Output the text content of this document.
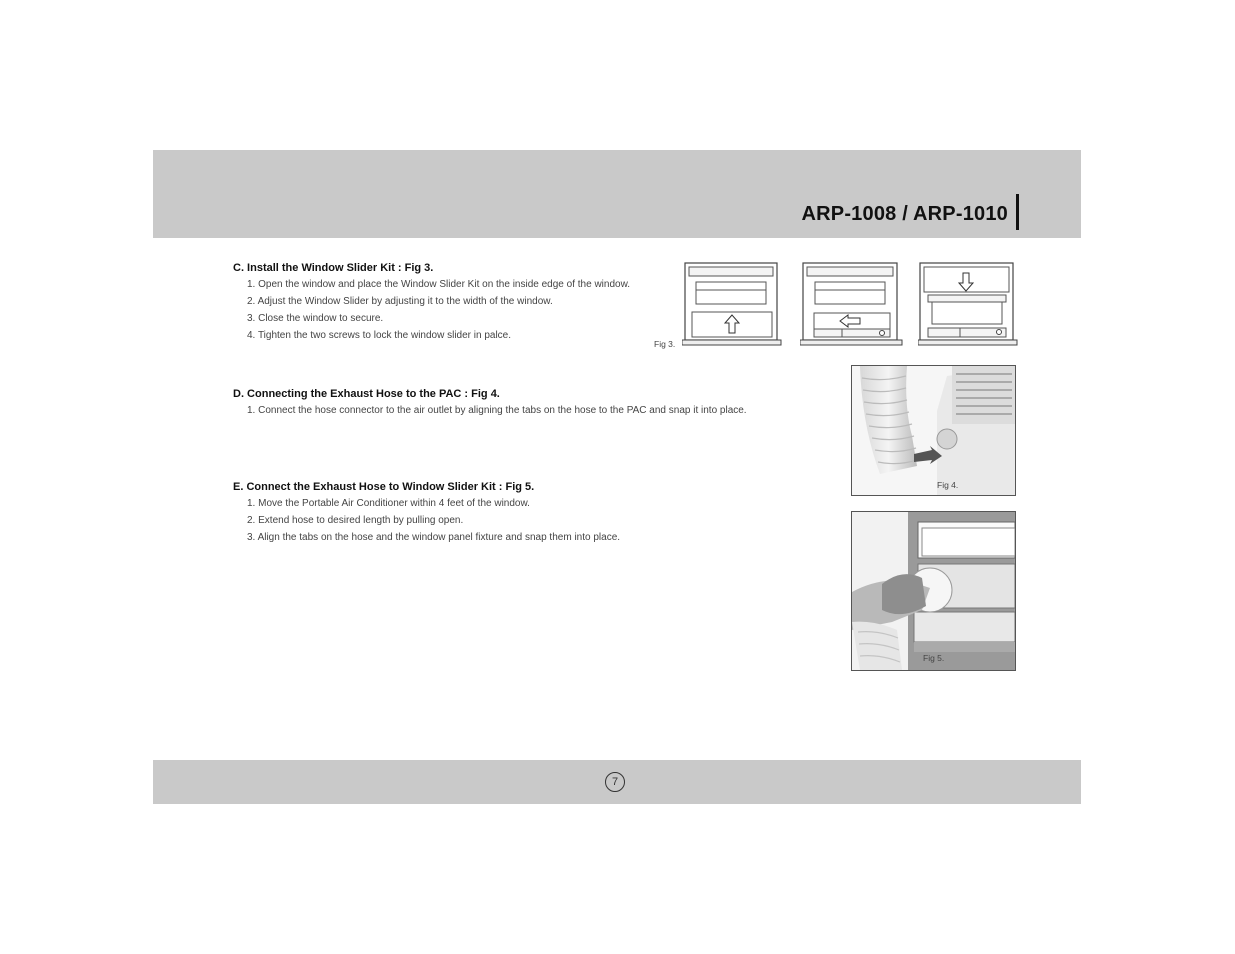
ARP-1008 / ARP-1010
C. Install the Window Slider Kit : Fig 3.
1. Open the window and place the Window Slider Kit on the inside edge of the window.
2. Adjust the Window Slider by adjusting it to the width of the window.
3. Close the window to secure.
4. Tighten the two screws to lock the window slider in palce.
D. Connecting the Exhaust Hose to the PAC : Fig 4.
1. Connect the hose connector to the air outlet by aligning the tabs on the hose to the PAC and snap it into place.
E. Connect the Exhaust Hose to Window Slider Kit : Fig 5.
1. Move the Portable Air Conditioner within 4 feet of the window.
2. Extend hose to desired length by pulling open.
3. Align the tabs on the hose and the window panel fixture and snap them into place.
Fig 3.
Fig 4.
Fig 5.
7
